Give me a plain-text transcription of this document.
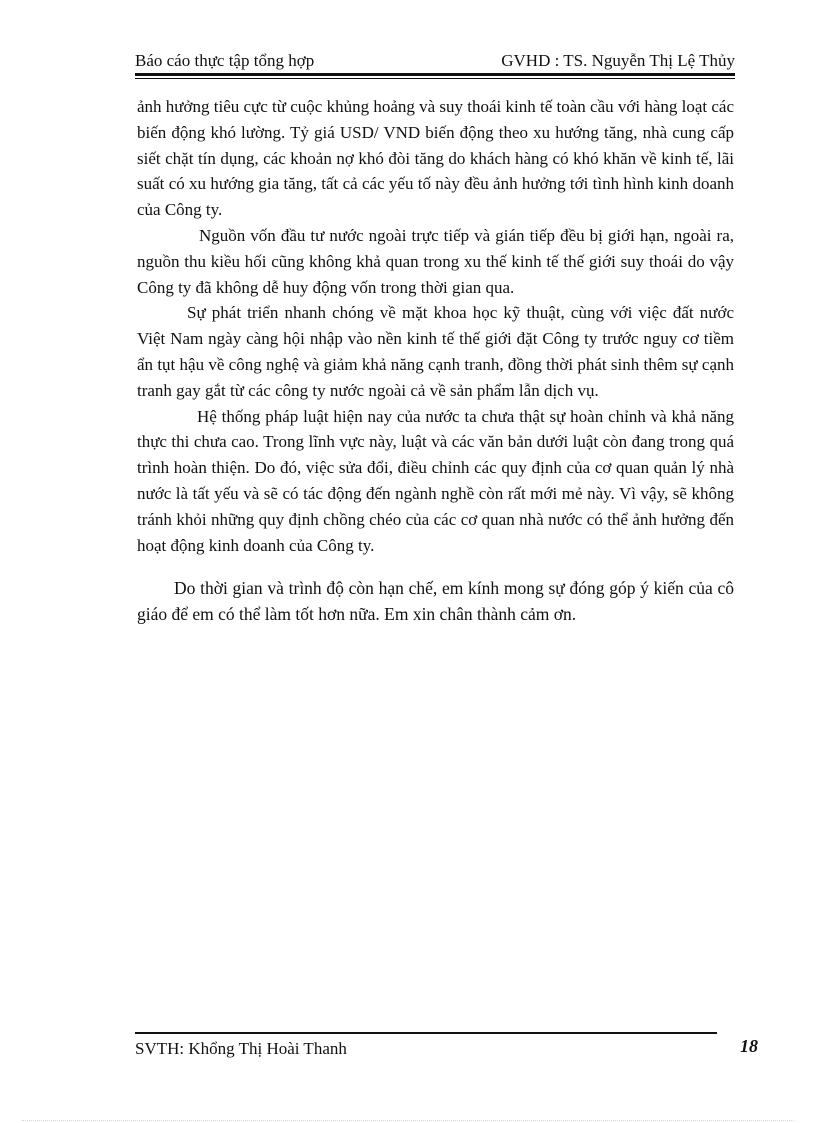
Báo cáo thực tập tổng hợp	GVHD : TS. Nguyễn Thị Lệ Thủy

ảnh hưởng tiêu cực từ cuộc khủng hoảng và suy thoái kinh tế toàn cầu với hàng loạt các biến động khó lường. Tỷ giá USD/ VND biến động theo xu hướng tăng, nhà cung cấp siết chặt tín dụng, các khoản nợ khó đòi tăng do khách hàng có khó khăn về kinh tế, lãi suất có xu hướng gia tăng, tất cả các yếu tố này đều ảnh hưởng tới tình hình kinh doanh của Công ty.

Nguồn vốn đầu tư nước ngoài trực tiếp và gián tiếp đều bị giới hạn, ngoài ra, nguồn thu kiều hối cũng không khả quan trong xu thế kinh tế thế giới suy thoái do vậy Công ty đã không dễ huy động vốn trong thời gian qua.

Sự phát triển nhanh chóng về mặt khoa học kỹ thuật, cùng với việc đất nước Việt Nam ngày càng hội nhập vào nền kinh tế thế giới đặt Công ty trước nguy cơ tiềm ẩn tụt hậu về công nghệ và giảm khả năng cạnh tranh, đồng thời phát sinh thêm sự cạnh tranh gay gắt từ các công ty nước ngoài cả về sản phẩm lẫn dịch vụ.

Hệ thống pháp luật hiện nay của nước ta chưa thật sự hoàn chỉnh và khả năng thực thi chưa cao. Trong lĩnh vực này, luật và các văn bản dưới luật còn đang trong quá trình hoàn thiện. Do đó, việc sửa đổi, điều chỉnh các quy định của cơ quan quản lý nhà nước là tất yếu và sẽ có tác động đến ngành nghề còn rất mới mẻ này. Vì vậy, sẽ không tránh khỏi những quy định chồng chéo của các cơ quan nhà nước có thể ảnh hưởng đến hoạt động kinh doanh của Công ty.

Do thời gian và trình độ còn hạn chế, em kính mong sự đóng góp ý kiến của cô giáo để em có thể làm tốt hơn nữa. Em xin chân thành cảm ơn.

SVTH: Khổng Thị Hoài Thanh	18
